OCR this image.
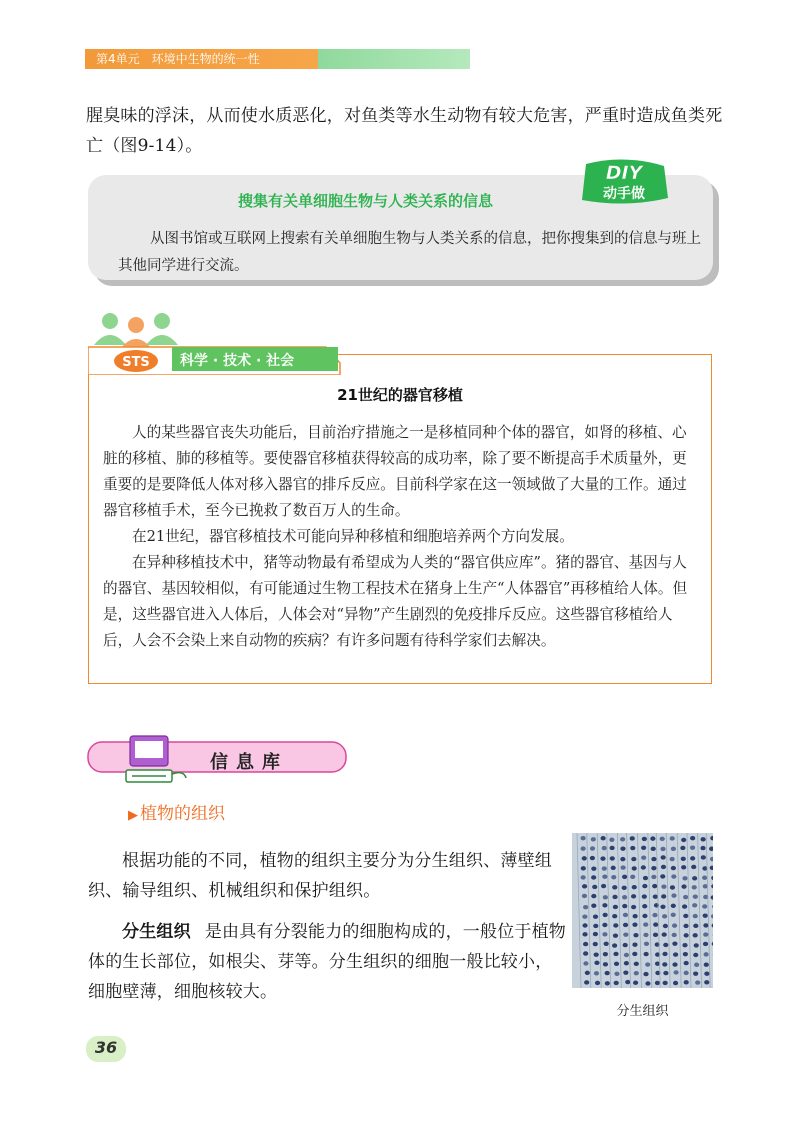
第4单元 环境中生物的统一性
腥臭味的浮沫，从而使水质恶化，对鱼类等水生动物有较大危害，严重时造成鱼类死亡（图9-14）。
DIY
动手做
搜集有关单细胞生物与人类关系的信息
从图书馆或互联网上搜索有关单细胞生物与人类关系的信息，把你搜集到的信息与班上其他同学进行交流。
科学 · 技术 · 社会
STS
21世纪的器官移植

人的某些器官丧失功能后，目前治疗措施之一是移植同种个体的器官，如肾的移植、心脏的移植、肺的移植等。要使器官移植获得较高的成功率，除了要不断提高手术质量外，更重要的是要降低人体对移入器官的排斥反应。目前科学家在这一领域做了大量的工作。通过器官移植手术，至今已挽救了数百万人的生命。

在21世纪，器官移植技术可能向异种移植和细胞培养两个方向发展。

在异种移植技术中，猪等动物最有希望成为人类的“器官供应库”。猪的器官、基因与人的器官、基因较相似，有可能通过生物工程技术在猪身上生产“人体器官”再移植给人体。但是，这些器官进入人体后，人体会对“异物”产生剧烈的免疫排斥反应。这些器官移植给人后，人会不会染上来自动物的疾病？有许多问题有待科学家们去解决。

信息库
▶ 植物的组织
根据功能的不同，植物的组织主要分为分生组织、薄壁组织、输导组织、机械组织和保护组织。
分生组织 是由具有分裂能力的细胞构成的，一般位于植物体的生长部位，如根尖、芽等。分生组织的细胞一般比较小，细胞壁薄，细胞核较大。
分生组织
36
